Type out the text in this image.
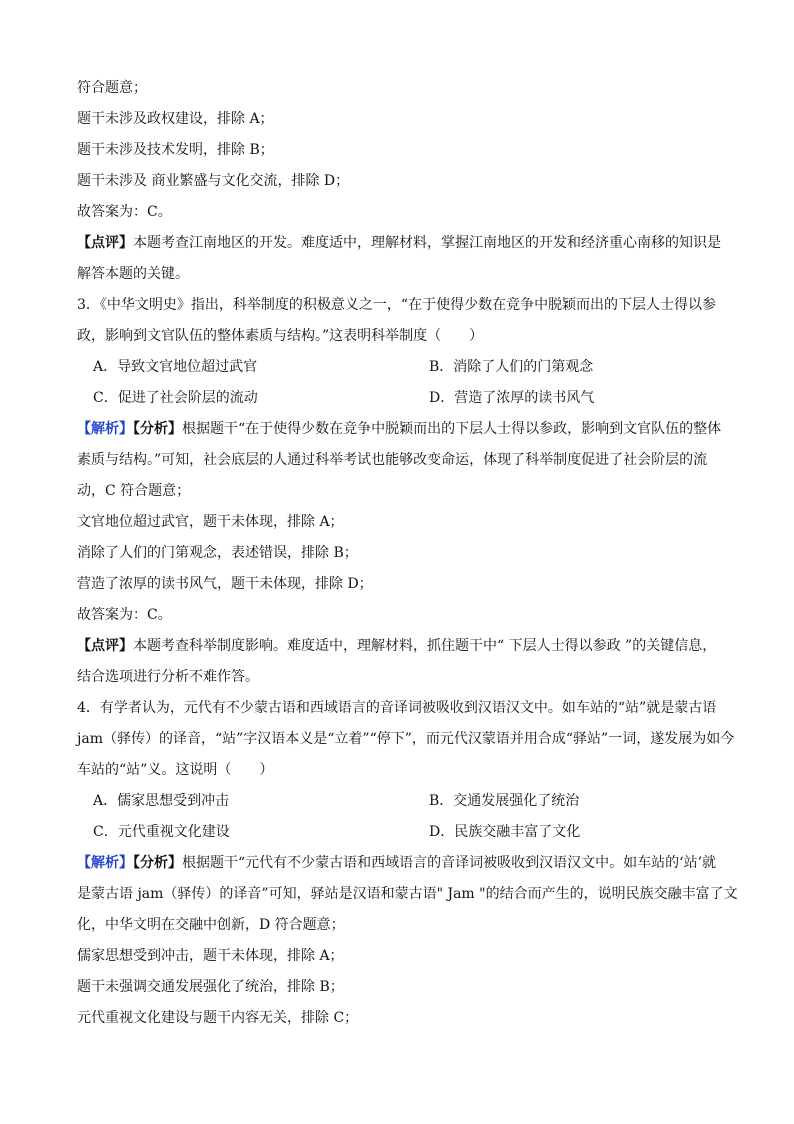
符合题意；
题干未涉及政权建设，排除 A；
题干未涉及技术发明，排除 B；
题干未涉及 商业繁盛与文化交流，排除 D；
故答案为：C。
【点评】本题考查江南地区的开发。难度适中，理解材料，掌握江南地区的开发和经济重心南移的知识是
解答本题的关键。
3．《中华文明史》指出，科举制度的积极意义之一，“在于使得少数在竞争中脱颖而出的下层人士得以参
政，影响到文官队伍的整体素质与结构。”这表明科举制度（　　）
A．导致文官地位超过武官	B．消除了人们的门第观念
C．促进了社会阶层的流动	D．营造了浓厚的读书风气
【解析】【分析】根据题干“在于使得少数在竞争中脱颖而出的下层人士得以参政，影响到文官队伍的整体
素质与结构。”可知，社会底层的人通过科举考试也能够改变命运，体现了科举制度促进了社会阶层的流
动，C 符合题意；
文官地位超过武官，题干未体现，排除 A；
消除了人们的门第观念，表述错误，排除 B；
营造了浓厚的读书风气，题干未体现，排除 D；
故答案为：C。
【点评】本题考查科举制度影响。难度适中，理解材料，抓住题干中“ 下层人士得以参政 ”的关键信息，
结合选项进行分析不难作答。
4．有学者认为，元代有不少蒙古语和西域语言的音译词被吸收到汉语汉文中。如车站的“站”就是蒙古语
jam（驿传）的译音，“站”字汉语本义是“立着”“停下”，而元代汉蒙语并用合成“驿站”一词，遂发展为如今
车站的“站”义。这说明（　　）
A．儒家思想受到冲击	B．交通发展强化了统治
C．元代重视文化建设	D．民族交融丰富了文化
【解析】【分析】根据题干“元代有不少蒙古语和西域语言的音译词被吸收到汉语汉文中。如车站的‘站’就
是蒙古语 jam（驿传）的译音”可知，驿站是汉语和蒙古语" Jam "的结合而产生的，说明民族交融丰富了文
化，中华文明在交融中创新，D 符合题意；
儒家思想受到冲击，题干未体现，排除 A；
题干未强调交通发展强化了统治，排除 B；
元代重视文化建设与题干内容无关，排除 C；
